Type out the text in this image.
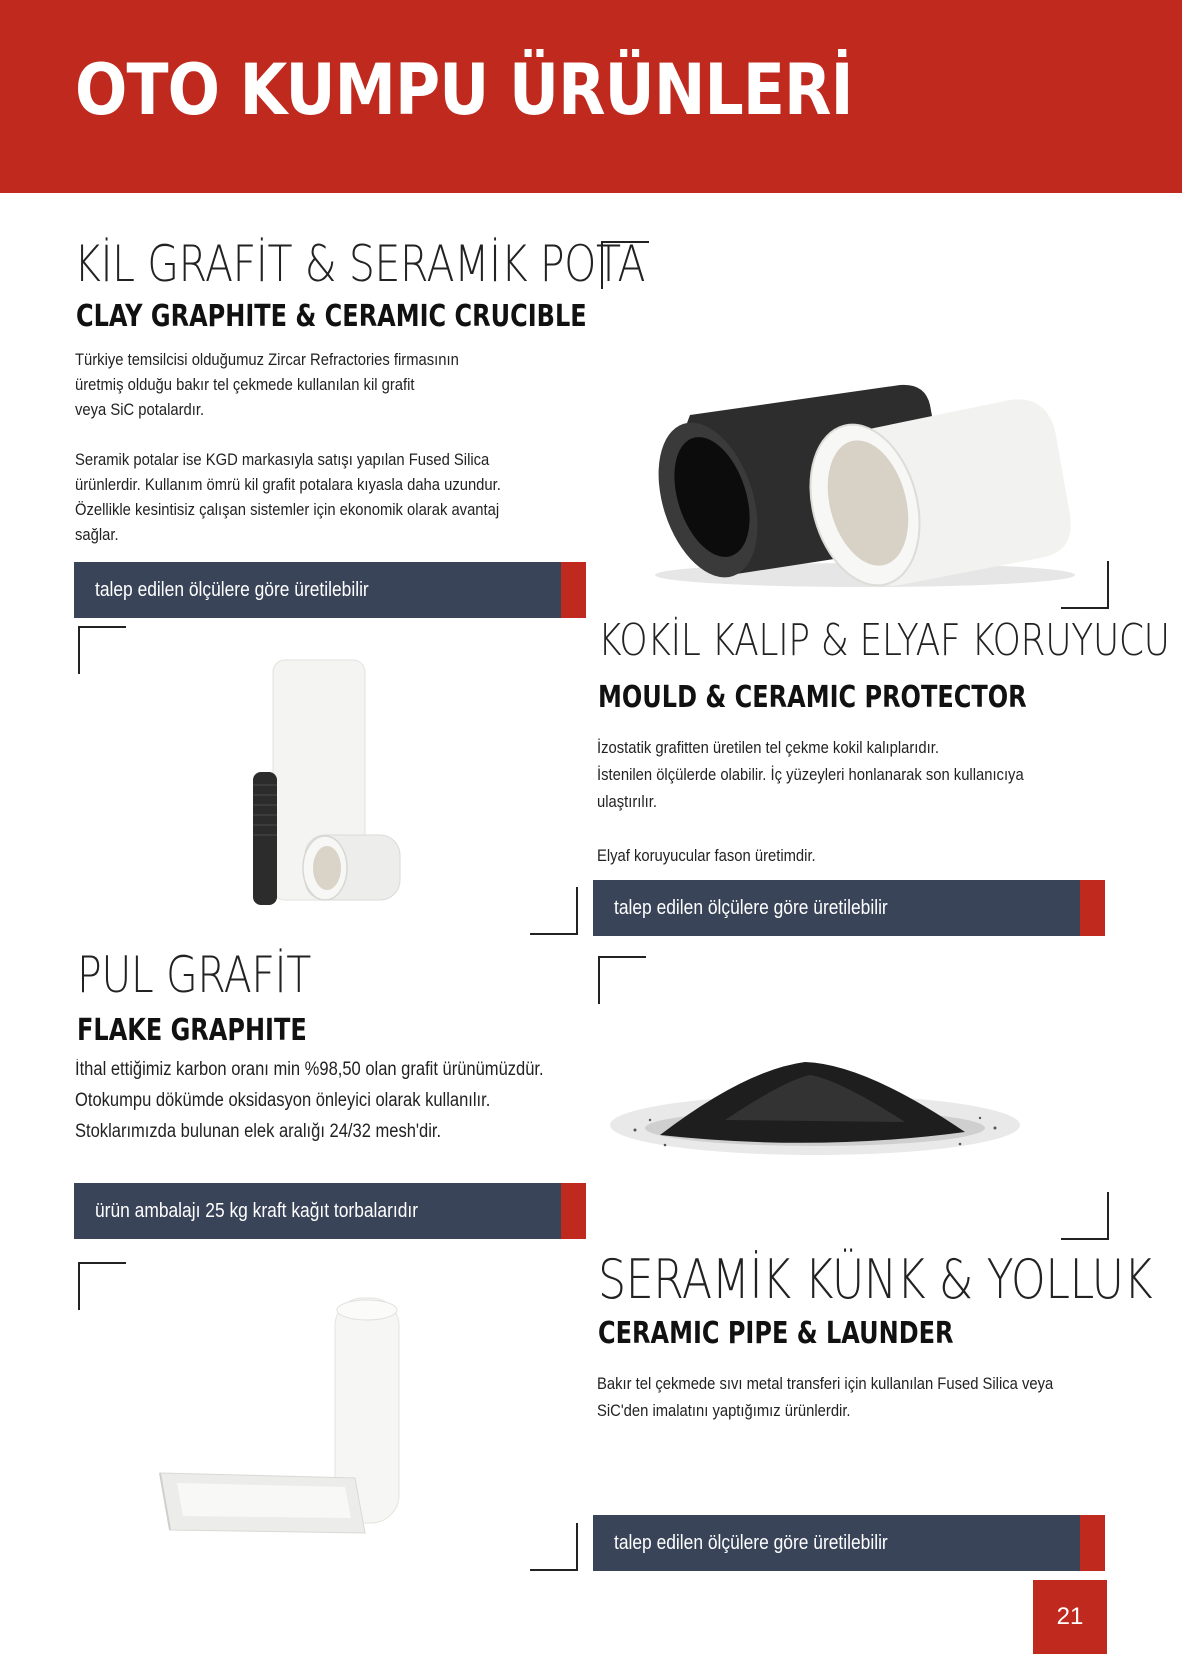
OTO KUMPU ÜRÜNLERİ
KİL GRAFİT & SERAMİK POTA
CLAY GRAPHITE & CERAMIC CRUCIBLE

Türkiye temsilcisi olduğumuz Zircar Refractories firmasının

üretmiş olduğu bakır tel çekmede kullanılan kil grafit

veya SiC potalardır.

Seramik potalar ise KGD markasıyla satışı yapılan Fused Silica

ürünlerdir. Kullanım ömrü kil grafit potalara kıyasla daha uzundur.

Özellikle kesintisiz çalışan sistemler için ekonomik olarak avantaj

sağlar.

talep edilen ölçülere göre üretilebilir
KOKİL KALIP & ELYAF KORUYUCU
MOULD & CERAMIC PROTECTOR

İzostatik grafitten üretilen tel çekme kokil kalıplarıdır.

İstenilen ölçülerde olabilir. İç yüzeyleri honlanarak son kullanıcıya

ulaştırılır.

Elyaf koruyucular fason üretimdir.

talep edilen ölçülere göre üretilebilir
PUL GRAFİT
FLAKE GRAPHITE

İthal ettiğimiz karbon oranı min %98,50 olan grafit ürünümüzdür.

Otokumpu dökümde oksidasyon önleyici olarak kullanılır.

Stoklarımızda bulunan elek aralığı 24/32 mesh'dir.

ürün ambalajı 25 kg kraft kağıt torbalarıdır
SERAMİK KÜNK & YOLLUK
CERAMIC PIPE & LAUNDER

Bakır tel çekmede sıvı metal transferi için kullanılan Fused Silica veya

SiC'den imalatını yaptığımız ürünlerdir.

talep edilen ölçülere göre üretilebilir
21
